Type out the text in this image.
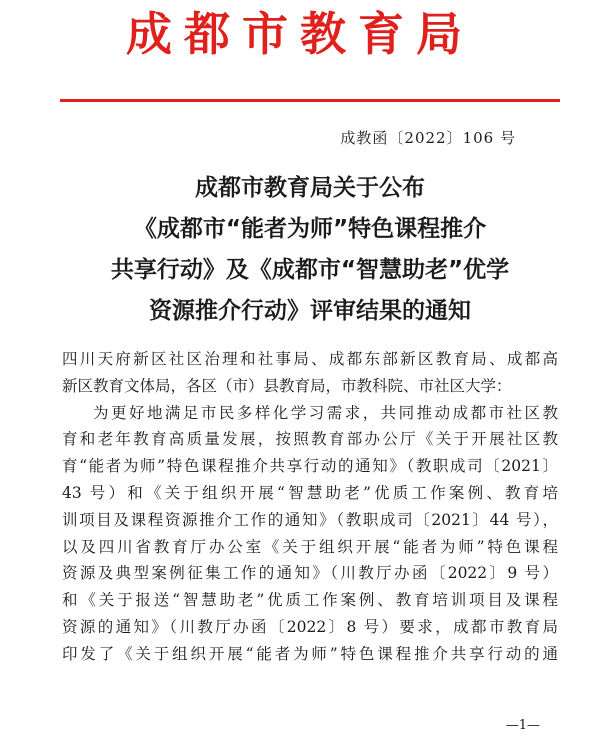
成都市教育局
成教函〔2022〕106 号
成都市教育局关于公布
《成都市“能者为师”特色课程推介
共享行动》及《成都市“智慧助老”优学
资源推介行动》评审结果的通知
四川天府新区社区治理和社事局、成都东部新区教育局、成都高
新区教育文体局，各区（市）县教育局，市教科院、市社区大学：
为更好地满足市民多样化学习需求，共同推动成都市社区教
育和老年教育高质量发展，按照教育部办公厅《关于开展社区教
育“能者为师”特色课程推介共享行动的通知》（教职成司〔2021〕
43 号）和《关于组织开展“智慧助老”优质工作案例、教育培
训项目及课程资源推介工作的通知》（教职成司〔2021〕44 号），
以及四川省教育厅办公室《关于组织开展“能者为师”特色课程
资源及典型案例征集工作的通知》（川教厅办函〔2022〕9 号）
和《关于报送“智慧助老”优质工作案例、教育培训项目及课程
资源的通知》（川教厅办函〔2022〕8 号）要求，成都市教育局
印发了《关于组织开展“能者为师”特色课程推介共享行动的通
—1—
